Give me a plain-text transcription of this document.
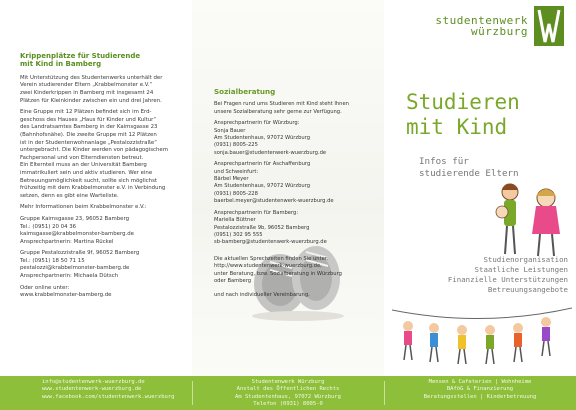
Krippenplätze für Studierende
mit Kind in Bamberg
Mit Unterstützung des Studentenwerks unterhält der
Verein studierender Eltern „Krabbelmonster e.V.“
zwei Kinderkrippen in Bamberg mit insgesamt 24
Plätzen für Kleinkinder zwischen ein und drei Jahren.
Eine Gruppe mit 12 Plätzen befindet sich im Erd-
geschoss des Hauses „Haus für Kinder und Kultur“
des Landratsamtes Bamberg in der Kaimsgasse 23
(Bahnhofsnähe). Die zweite Gruppe mit 12 Plätzen
ist in der Studentenwohnanlage „Pestalozzistraße“
untergebracht. Die Kinder werden von pädagogischem
Fachpersonal und von Elterndiensten betreut.
Ein Elternteil muss an der Universität Bamberg
immatrikuliert sein und aktiv studieren. Wer eine
Betreuungsmöglichkeit sucht, sollte sich möglichst
frühzeitig mit dem Krabbelmonster e.V. in Verbindung
setzen, denn es gibt eine Warteliste.
Mehr Informationen beim Krabbelmonster e.V.:
Gruppe Kaimsgasse 23, 96052 Bamberg
Tel.: (0951) 20 04 36
kaimsgasse@krabbelmonster-bamberg.de
Ansprechpartnerin: Martina Rückel
Gruppe Pestalozzistraße 9f, 96052 Bamberg
Tel.: (0951) 18 50 71 15
pestalozzi@krabbelmonster-bamberg.de
Ansprechpartnerin: Michaela Dütsch
Oder online unter:
www.krabbelmonster-bamberg.de
Sozialberatung
Bei Fragen rund ums Studieren mit Kind steht Ihnen
unsere Sozialberatung sehr gerne zur Verfügung.
Ansprechpartnerin für Würzburg:
Sonja Bauer
Am Studentenhaus, 97072 Würzburg
(0931) 8005-225
sonja.bauer@studentenwerk-wuerzburg.de
Ansprechpartnerin für Aschaffenburg
und Schweinfurt:
Bärbel Meyer
Am Studentenhaus, 97072 Würzburg
(0931) 8005-228
baerbel.meyer@studentenwerk-wuerzburg.de
Ansprechpartnerin für Bamberg:
Mariella Büttner
Pestalozzistraße 9b, 96052 Bamberg
(0951) 302 95 555
sb-bamberg@studentenwerk-wuerzburg.de
Die aktuellen Sprechzeiten finden Sie unter:
http://www.studentenwerk-wuerzburg.de,
unter Beratung, bzw. Sozialberatung in Würzburg
oder Bamberg
und nach individueller Vereinbarung.
studentenwerk
würzburg
Studieren
mit Kind
Infos für
studierende Eltern
Studienorganisation
Staatliche Leistungen
Finanzielle Unterstützungen
Betreuungsangebote
info@studentenwerk-wuerzburg.de
www.studentenwerk-wuerzburg.de
www.facebook.com/studentenwerk.wuerzburg
Studentenwerk Würzburg
Anstalt des Öffentlichen Rechts
Am Studentenhaus, 97072 Würzburg
Telefon (0931) 8005-0
Mensen & Cafeterien | Wohnheime
BAföG & Finanzierung
Beratungsstellen | Kinderbetreuung
